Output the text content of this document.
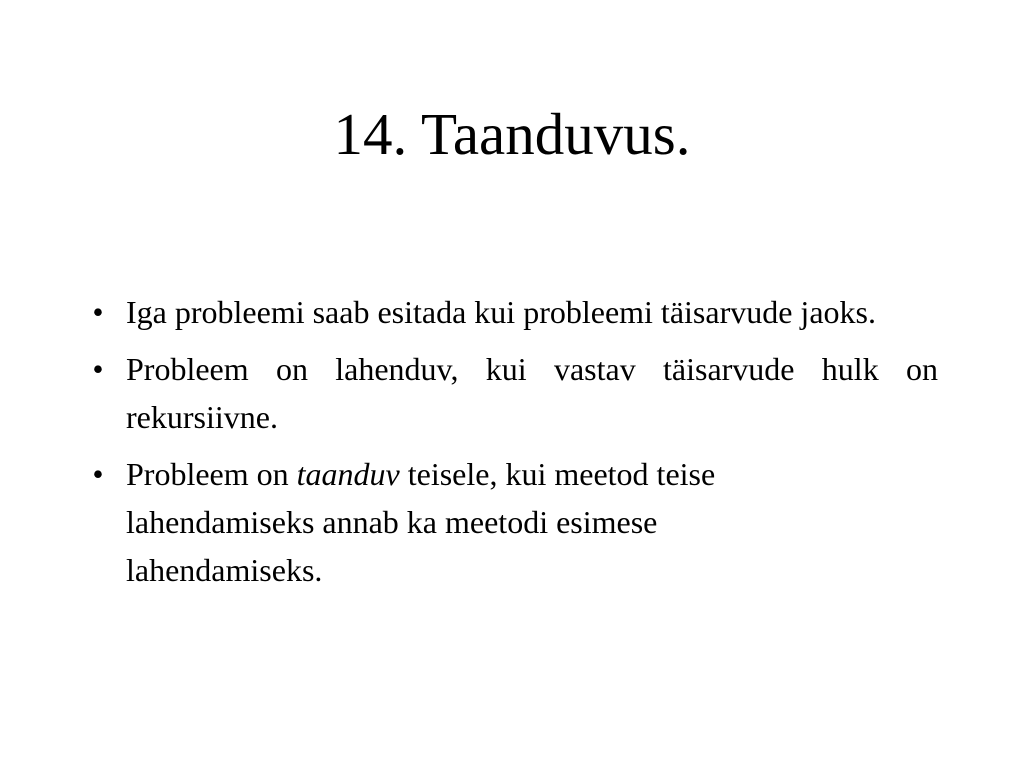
14. Taanduvus.
• Iga probleemi saab esitada kui probleemi täisarvude jaoks.
• Probleem on lahenduv, kui vastav täisarvude hulk on rekursiivne.
• Probleem on taanduv teisele, kui meetod teise
lahendamiseks annab ka meetodi esimese
lahendamiseks.
